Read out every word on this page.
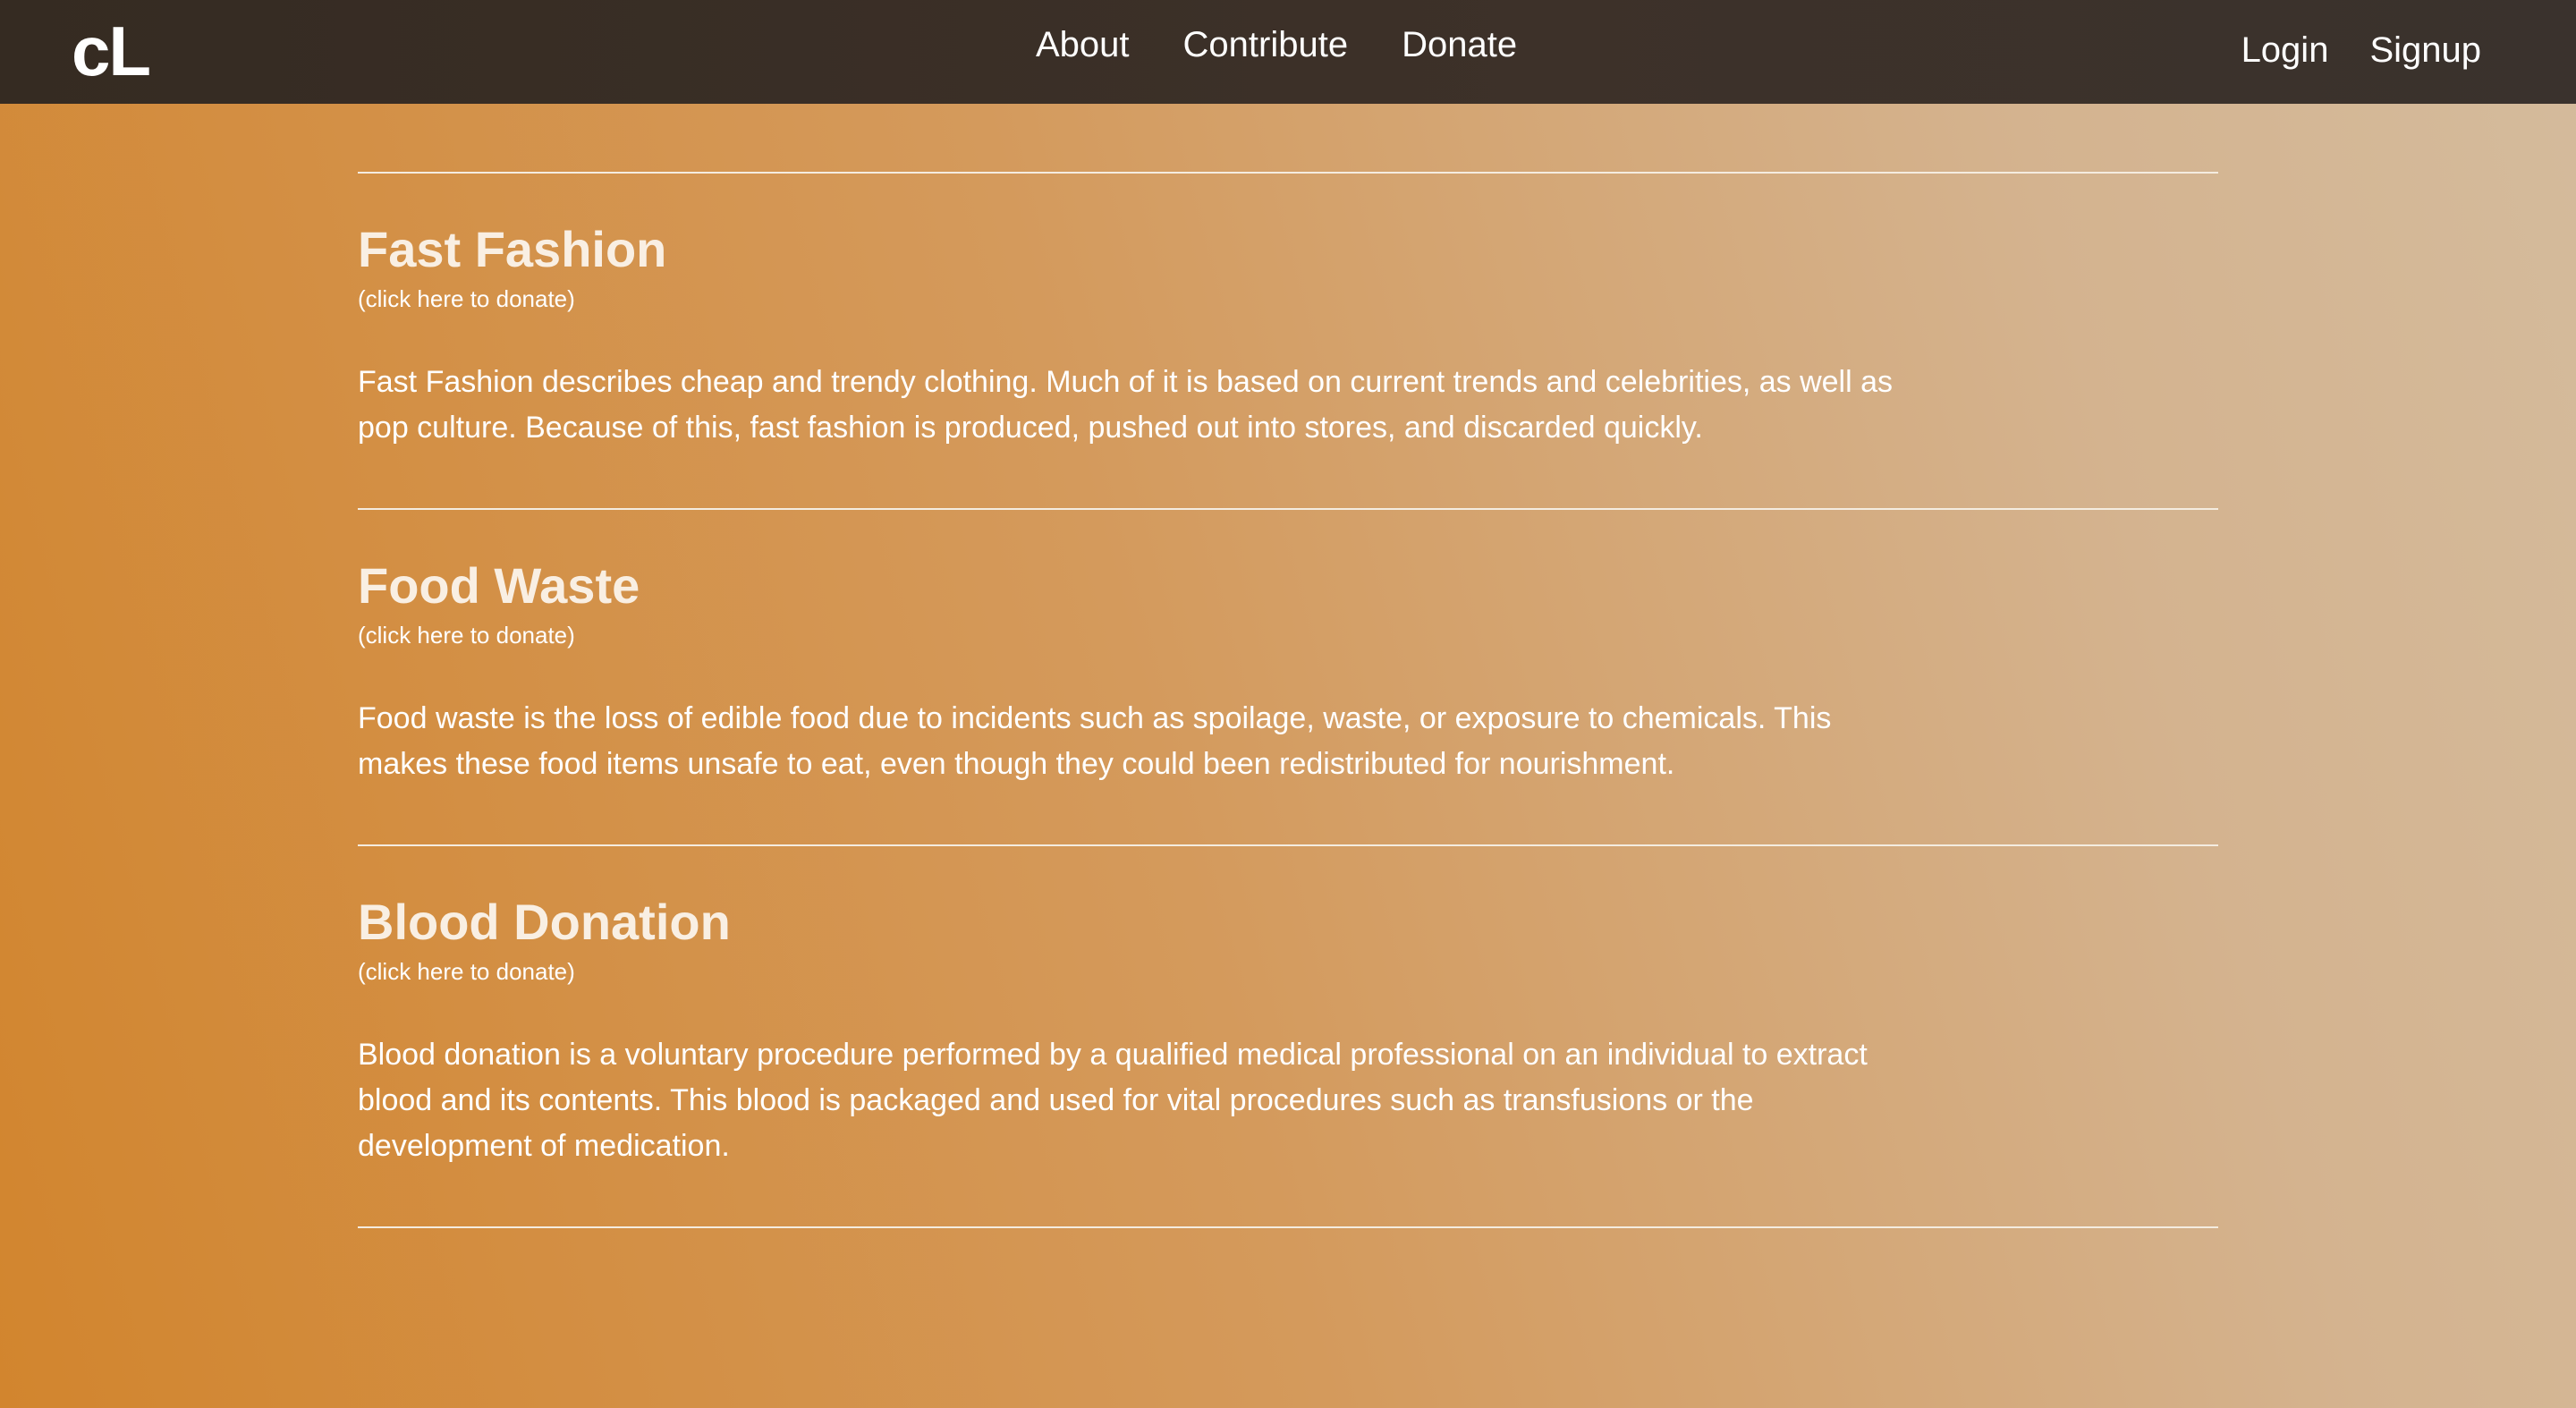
cL	About Contribute Donate	Login Signup
Fast Fashion
(click here to donate)

Fast Fashion describes cheap and trendy clothing. Much of it is based on current trends and celebrities, as well as pop culture. Because of this, fast fashion is produced, pushed out into stores, and discarded quickly.

Food Waste
(click here to donate)

Food waste is the loss of edible food due to incidents such as spoilage, waste, or exposure to chemicals. This makes these food items unsafe to eat, even though they could been redistributed for nourishment.

Blood Donation
(click here to donate)

Blood donation is a voluntary procedure performed by a qualified medical professional on an individual to extract blood and its contents. This blood is packaged and used for vital procedures such as transfusions or the development of medication.
